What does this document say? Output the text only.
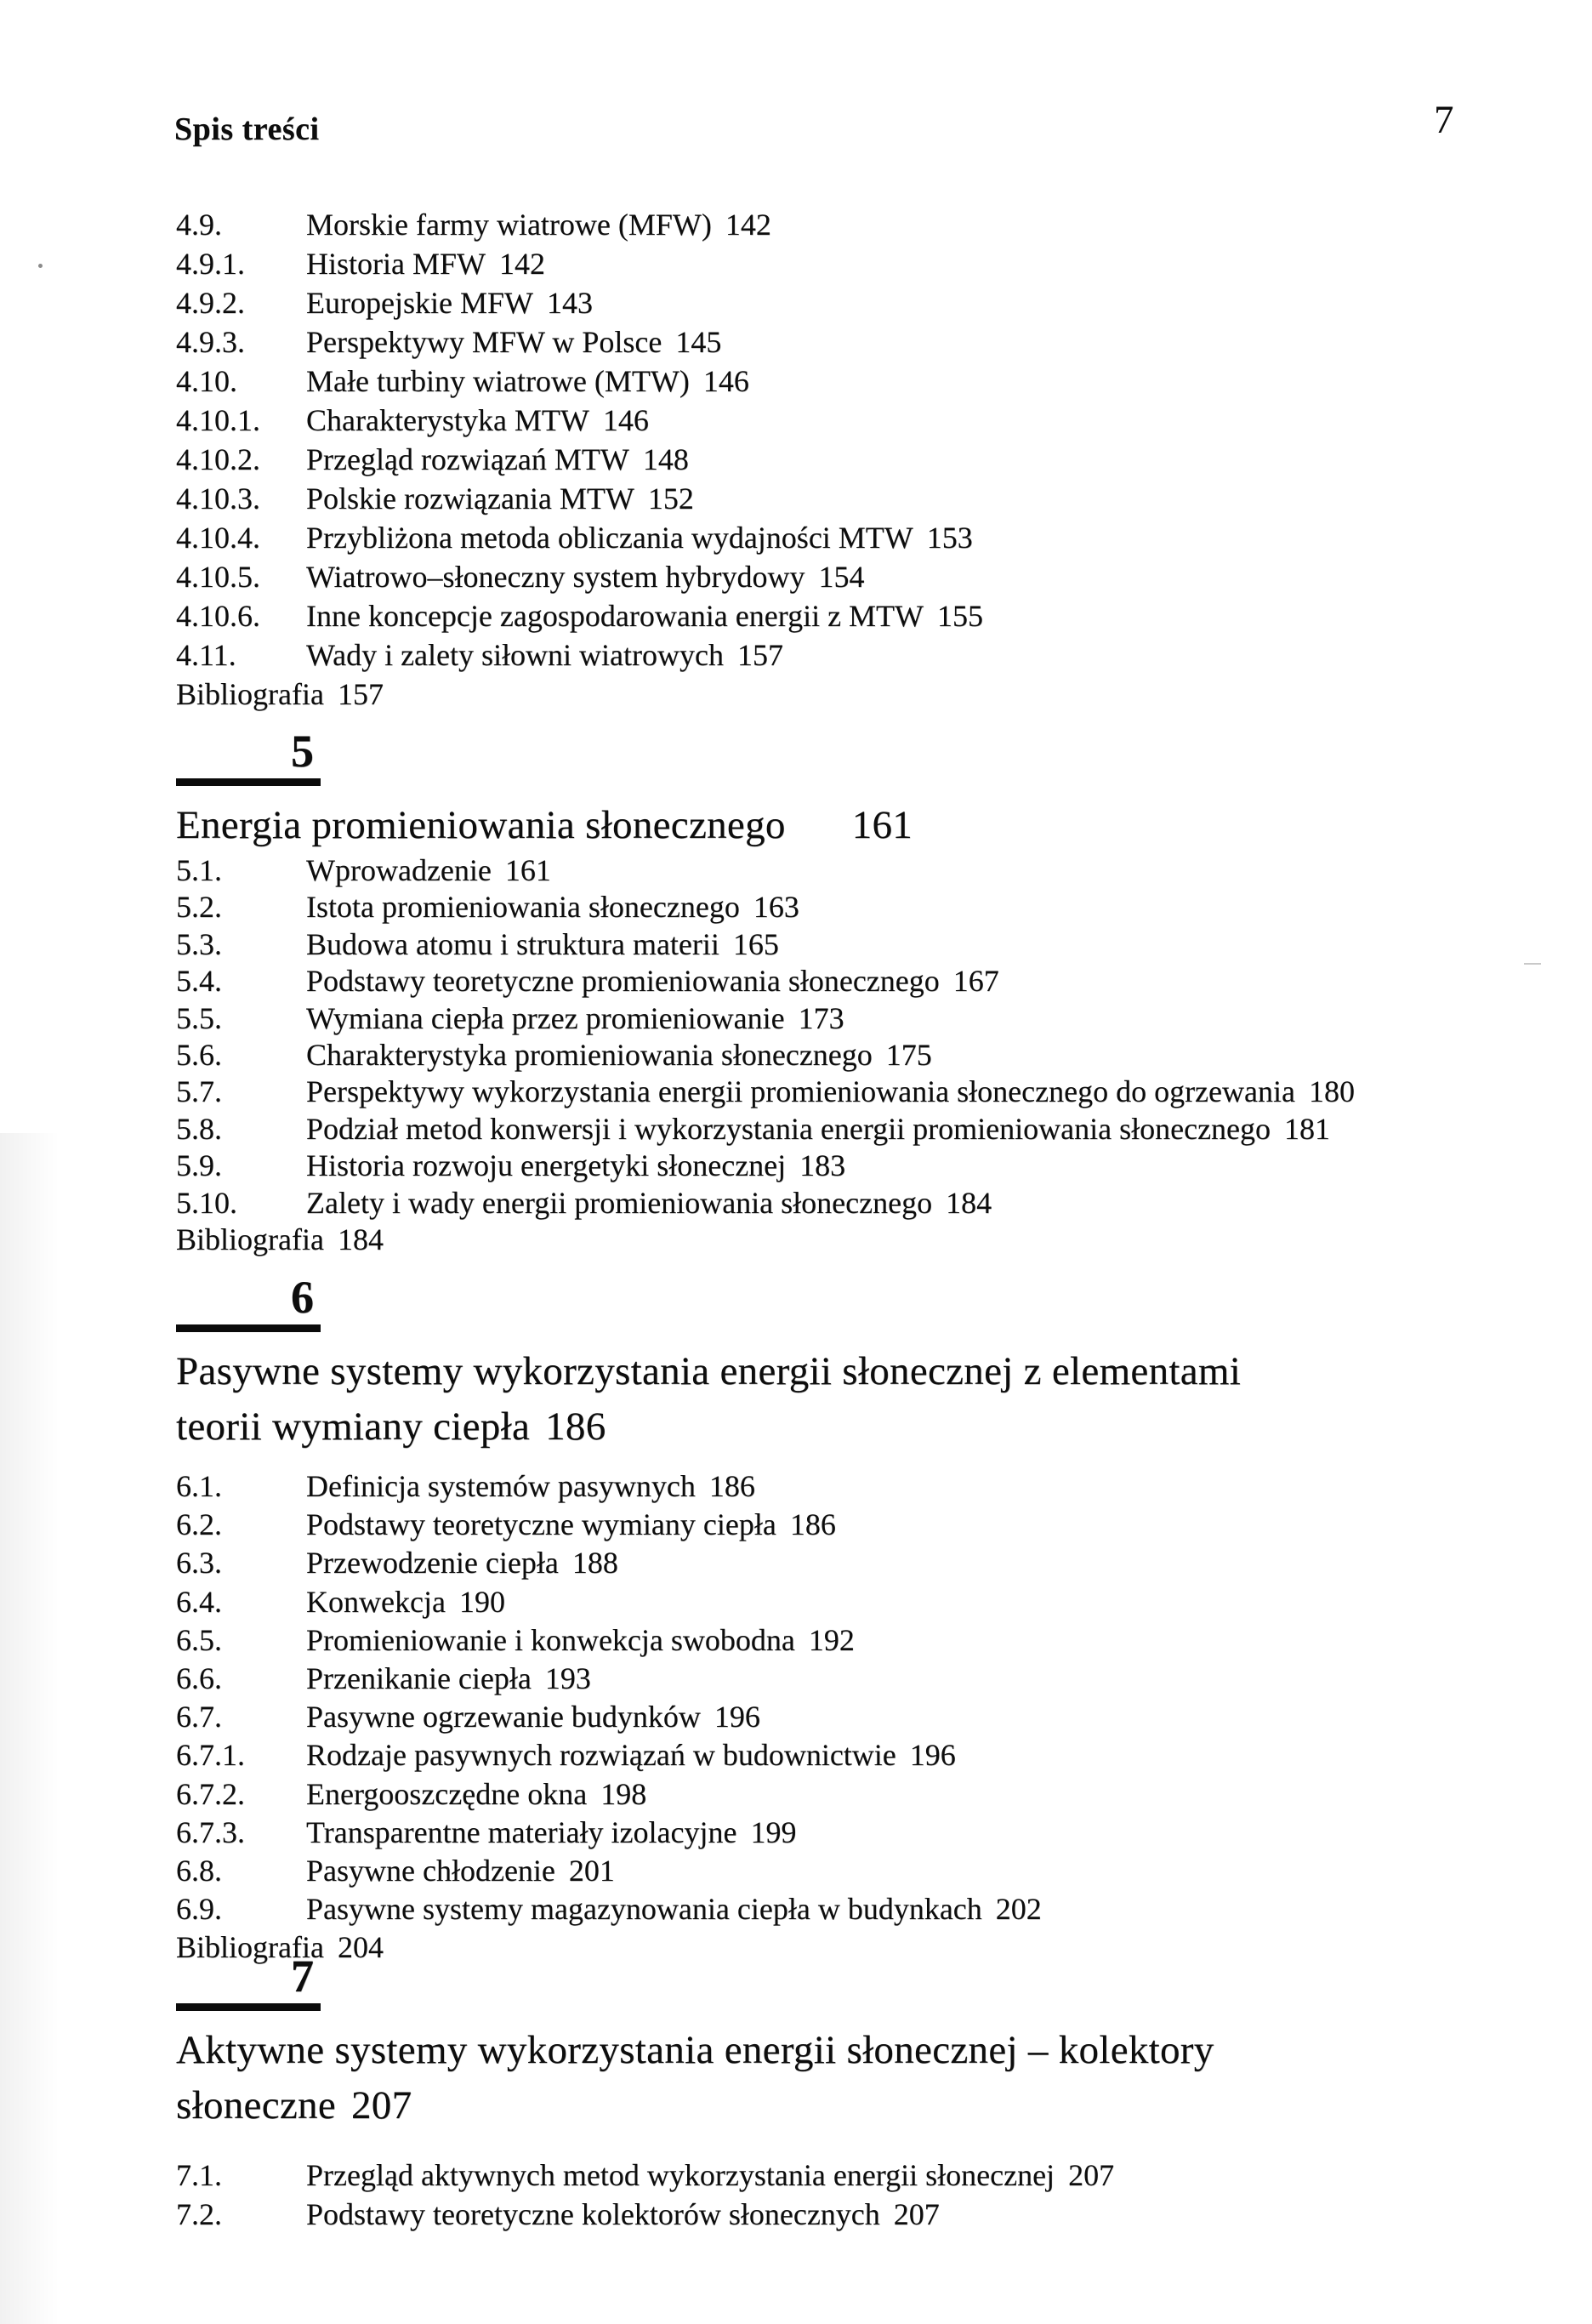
Spis treści	7
4.9.	Morskie farmy wiatrowe (MFW) 142
4.9.1. Historia MFW 142
4.9.2. Europejskie MFW 143
4.9.3. Perspektywy MFW w Polsce 145
4.10. Małe turbiny wiatrowe (MTW) 146
4.10.1. Charakterystyka MTW 146
4.10.2. Przegląd rozwiązań MTW 148
4.10.3. Polskie rozwiązania MTW 152
4.10.4. Przybliżona metoda obliczania wydajności MTW 153
4.10.5. Wiatrowo–słoneczny system hybrydowy 154
4.10.6. Inne koncepcje zagospodarowania energii z MTW 155
4.11. Wady i zalety siłowni wiatrowych 157
Bibliografia 157
5
Energia promieniowania słonecznego 161
5.1.	Wprowadzenie 161
5.2.	Istota promieniowania słonecznego 163
5.3.	Budowa atomu i struktura materii 165
5.4.	Podstawy teoretyczne promieniowania słonecznego 167
5.5.	Wymiana ciepła przez promieniowanie 173
5.6.	Charakterystyka promieniowania słonecznego 175
5.7.	Perspektywy wykorzystania energii promieniowania słonecznego do ogrzewania 180
5.8.	Podział metod konwersji i wykorzystania energii promieniowania słonecznego 181
5.9.	Historia rozwoju energetyki słonecznej 183
5.10. Zalety i wady energii promieniowania słonecznego 184
Bibliografia 184
6
Pasywne systemy wykorzystania energii słonecznej z elementami
teorii wymiany ciepła 186
6.1.	Definicja systemów pasywnych 186
6.2.	Podstawy teoretyczne wymiany ciepła 186
6.3.	Przewodzenie ciepła 188
6.4.	Konwekcja 190
6.5.	Promieniowanie i konwekcja swobodna 192
6.6.	Przenikanie ciepła 193
6.7.	Pasywne ogrzewanie budynków 196
6.7.1. Rodzaje pasywnych rozwiązań w budownictwie 196
6.7.2. Energooszczędne okna 198
6.7.3. Transparentne materiały izolacyjne 199
6.8.	Pasywne chłodzenie 201
6.9.	Pasywne systemy magazynowania ciepła w budynkach 202
Bibliografia 204
7
Aktywne systemy wykorzystania energii słonecznej – kolektory
słoneczne 207
7.1.	Przegląd aktywnych metod wykorzystania energii słonecznej 207
7.2.	Podstawy teoretyczne kolektorów słonecznych 207
